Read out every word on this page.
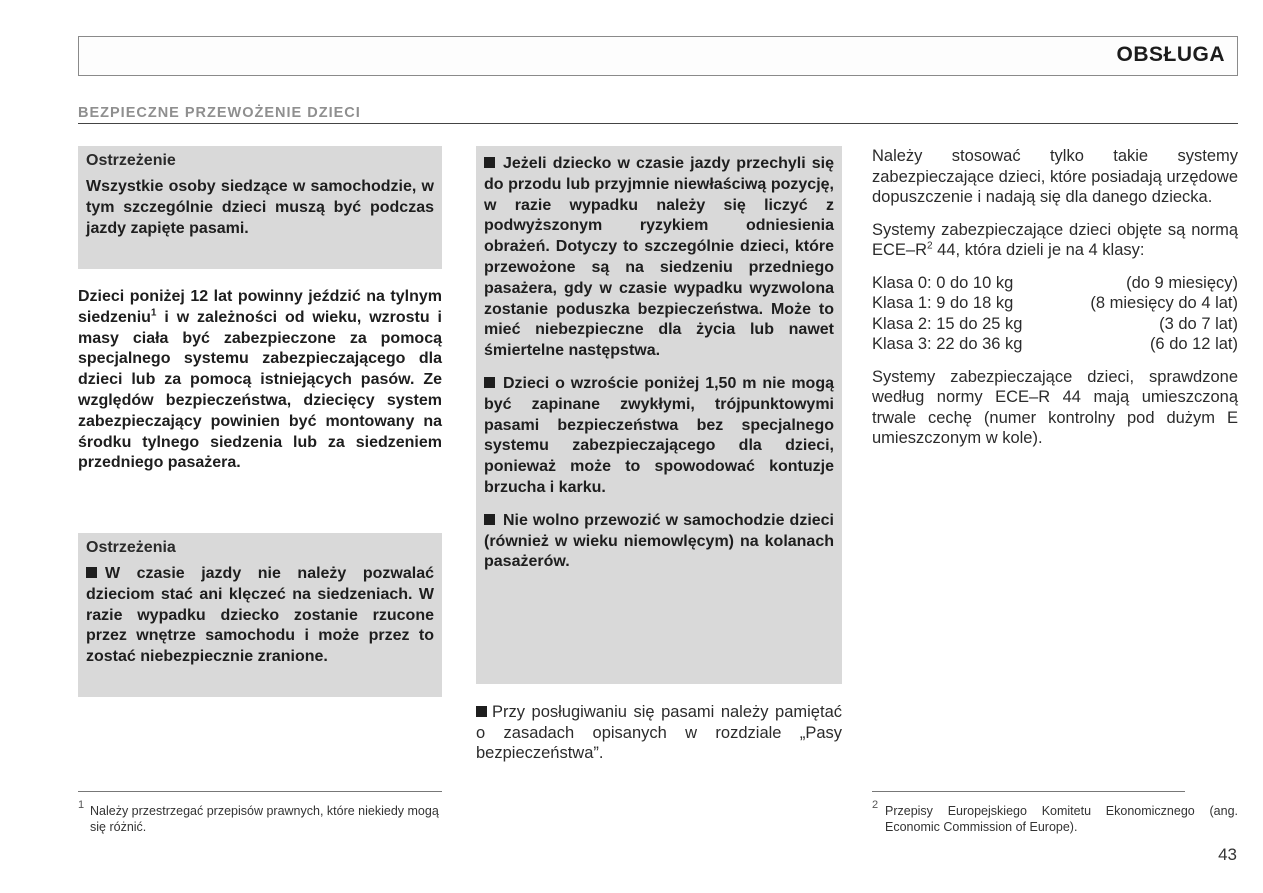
OBSŁUGA
BEZPIECZNE PRZEWOŻENIE DZIECI
Ostrzeżenie
Wszystkie osoby siedzące w samochodzie, w tym szczególnie dzieci muszą być podczas jazdy zapięte pasami.
Dzieci poniżej 12 lat powinny jeździć na tylnym siedzeniu$^1$ i w zależności od wieku, wzrostu i masy ciała być zabezpieczone za pomocą specjalnego systemu zabezpieczającego dla dzieci lub za pomocą istniejących pasów. Ze względów bezpieczeństwa, dziecięcy system zabezpieczający powinien być montowany na środku tylnego siedzenia lub za siedzeniem przedniego pasażera.
Ostrzeżenia
W czasie jazdy nie należy pozwalać dzieciom stać ani klęczeć na siedzeniach. W razie wypadku dziecko zostanie rzucone przez wnętrze samochodu i może przez to zostać niebezpiecznie zranione.
Jeżeli dziecko w czasie jazdy przechyli się do przodu lub przyjmnie niewłaściwą pozycję, w razie wypadku należy się liczyć z podwyższonym ryzykiem odniesienia obrażeń. Dotyczy to szczególnie dzieci, które przewożone są na siedzeniu przedniego pasażera, gdy w czasie wypadku wyzwolona zostanie poduszka bezpieczeństwa. Może to mieć niebezpieczne dla życia lub nawet śmiertelne następstwa.
Dzieci o wzroście poniżej 1,50 m nie mogą być zapinane zwykłymi, trójpunktowymi pasami bezpieczeństwa bez specjalnego systemu zabezpieczającego dla dzieci, ponieważ może to spowodować kontuzje brzucha i karku.
Nie wolno przewozić w samochodzie dzieci (również w wieku niemowlęcym) na kolanach pasażerów.
Przy posługiwaniu się pasami należy pamiętać o zasadach opisanych w rozdziale „Pasy bezpieczeństwa”.

Należy stosować tylko takie systemy zabezpieczające dzieci, które posiadają urzędowe dopuszczenie i nadają się dla danego dziecka.

Systemy zabezpieczające dzieci objęte są normą ECE–$R^2$ 44, która dzieli je na 4 klasy:

Klasa 0: 0 do 10 kg	(do 9 miesięcy)
Klasa 1: 9 do 18 kg	(8 miesięcy do 4 lat)
Klasa 2: 15 do 25 kg	(3 do 7 lat)
Klasa 3: 22 do 36 kg	(6 do 12 lat)

Systemy zabezpieczające dzieci, sprawdzone według normy ECE–R 44 mają umieszczoną trwale cechę (numer kontrolny pod dużym E umieszczonym w kole).

1 Należy przestrzegać przepisów prawnych, które niekiedy mogą się różnić.
2 Przepisy Europejskiego Komitetu Ekonomicznego (ang. Economic Commission of Europe).
43
